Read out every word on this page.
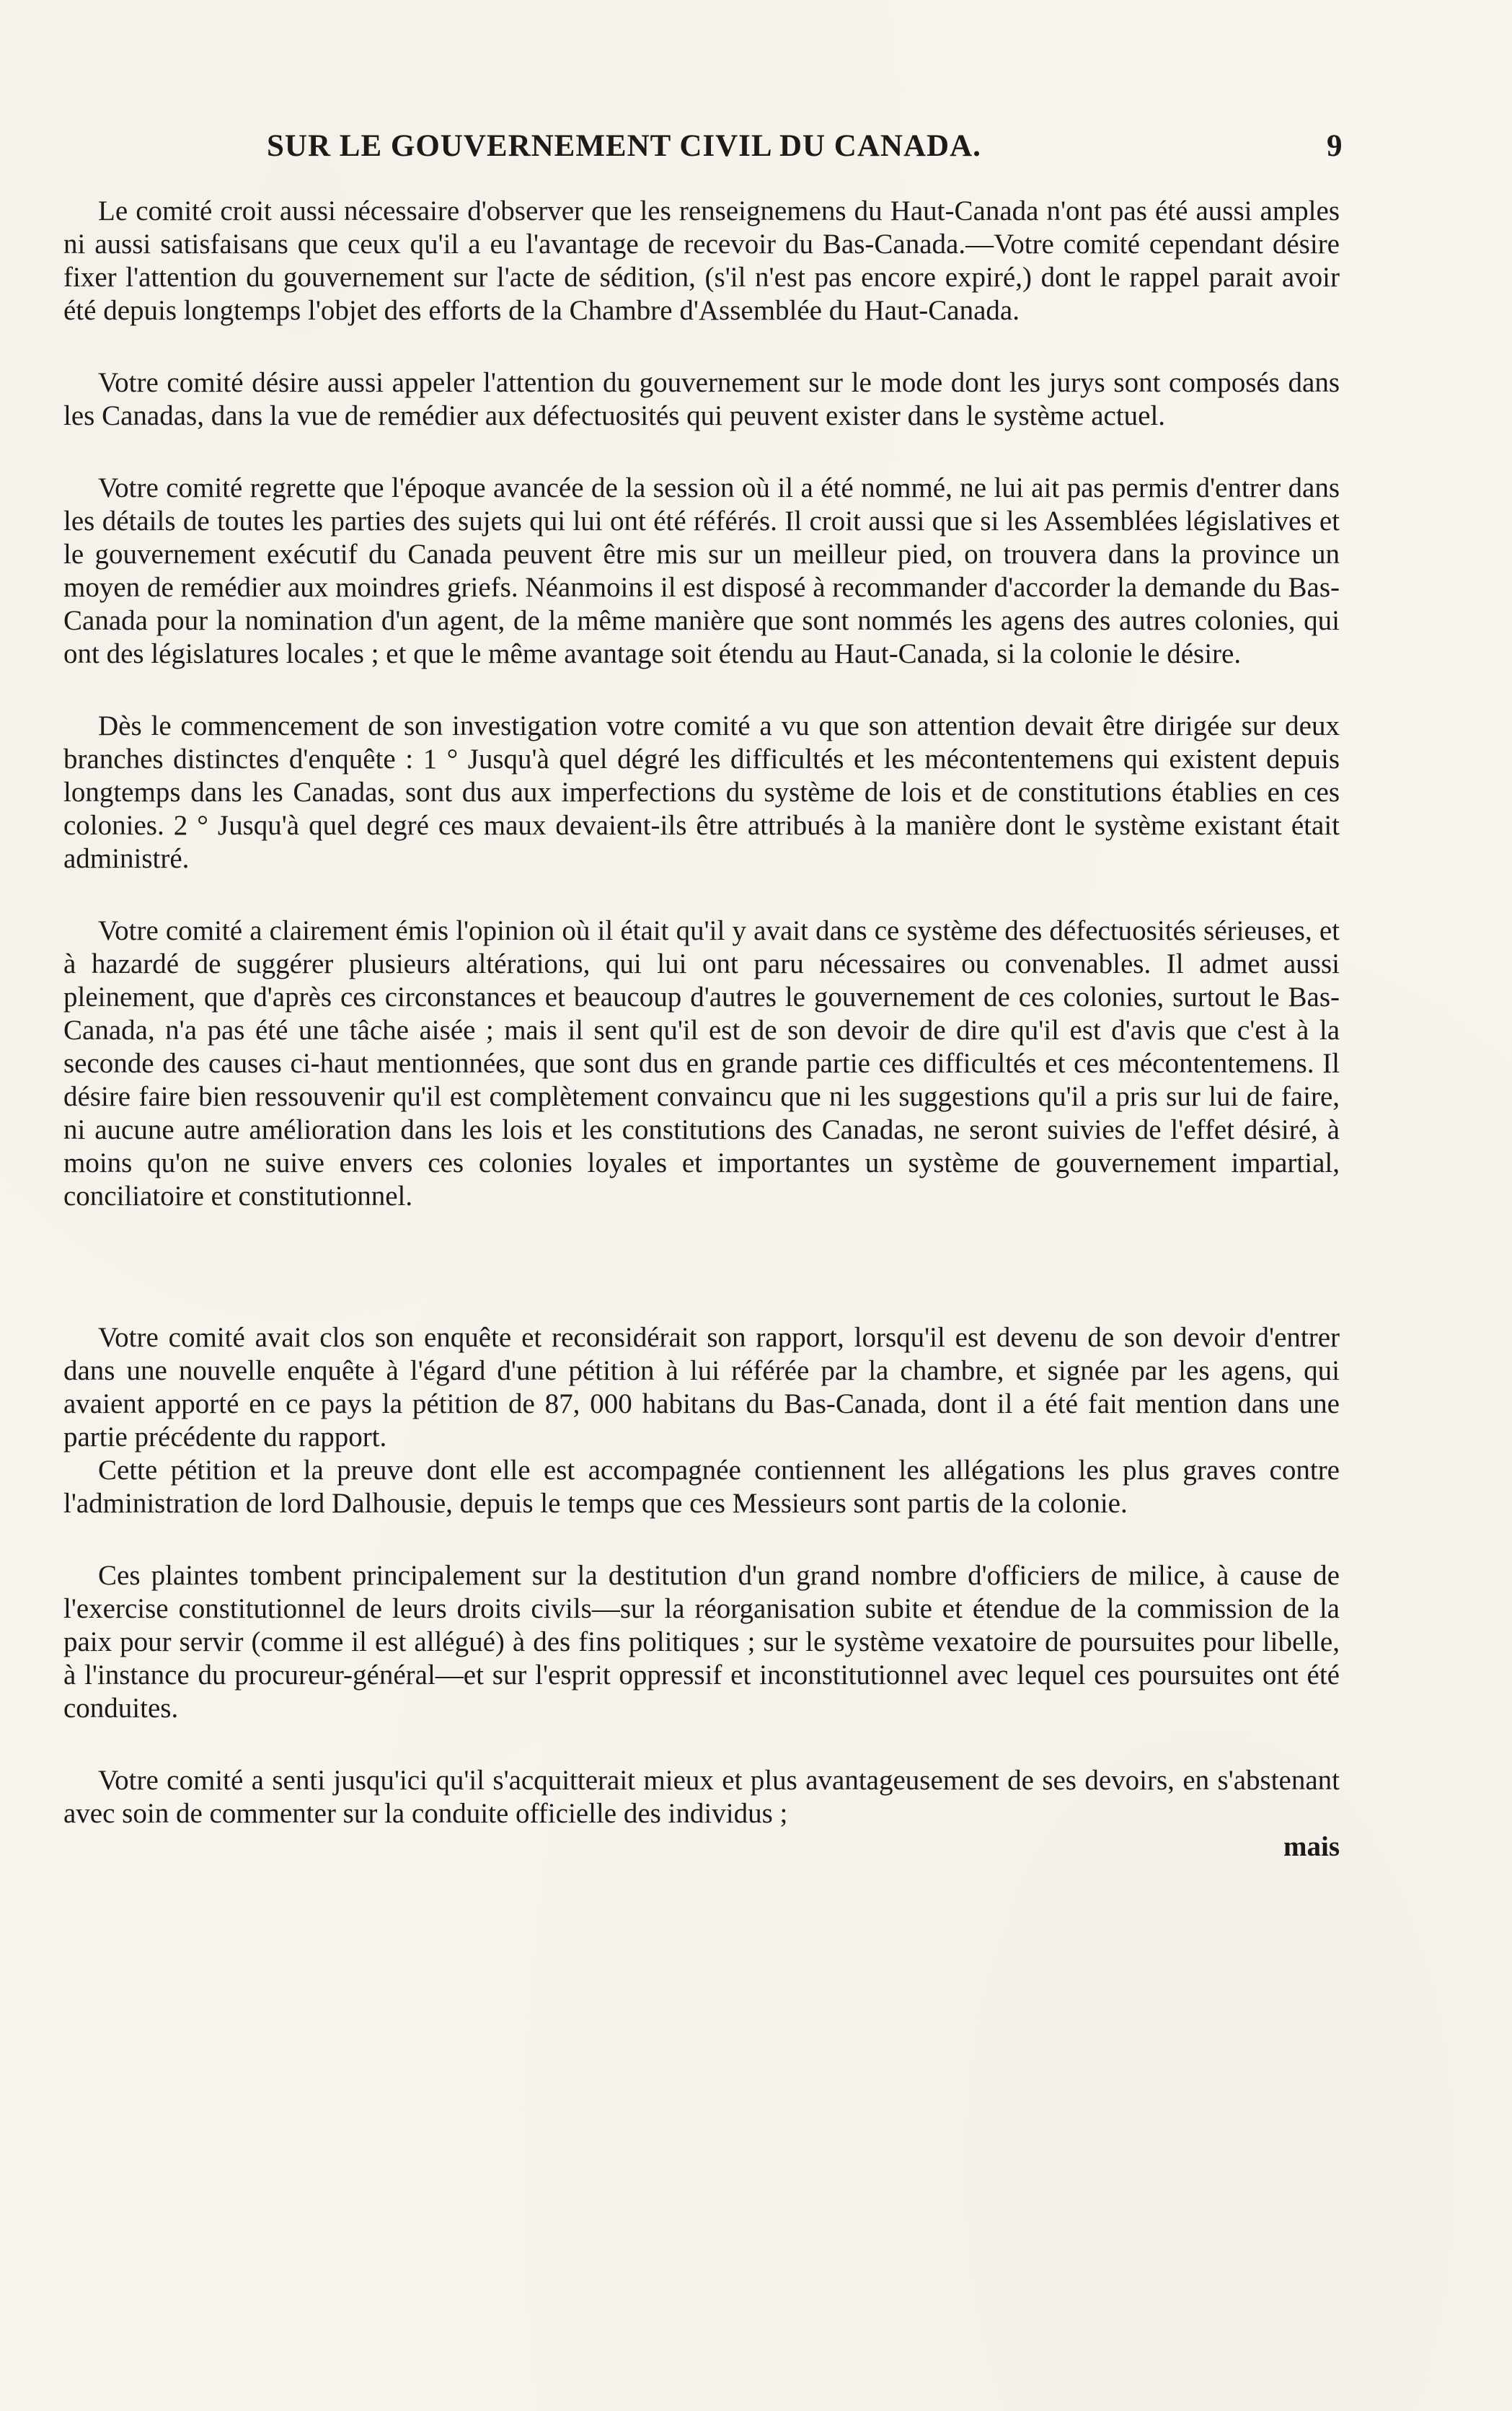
SUR LE GOUVERNEMENT CIVIL DU CANADA.	9

Le comité croit aussi nécessaire d'observer que les renseignemens du Haut-Canada n'ont pas été aussi amples ni aussi satisfaisans que ceux qu'il a eu l'avantage de recevoir du Bas-Canada.—Votre comité cependant désire fixer l'attention du gouvernement sur l'acte de sédition, (s'il n'est pas encore expiré,) dont le rappel parait avoir été depuis longtemps l'objet des efforts de la Chambre d'Assemblée du Haut-Canada.

Votre comité désire aussi appeler l'attention du gouvernement sur le mode dont les jurys sont composés dans les Canadas, dans la vue de remédier aux défectuosités qui peuvent exister dans le système actuel.

Votre comité regrette que l'époque avancée de la session où il a été nommé, ne lui ait pas permis d'entrer dans les détails de toutes les parties des sujets qui lui ont été référés. Il croit aussi que si les Assemblées législatives et le gouvernement exécutif du Canada peuvent être mis sur un meilleur pied, on trouvera dans la province un moyen de remédier aux moindres griefs. Néanmoins il est disposé à recommander d'accorder la demande du Bas-Canada pour la nomination d'un agent, de la même manière que sont nommés les agens des autres colonies, qui ont des législatures locales ; et que le même avantage soit étendu au Haut-Canada, si la colonie le désire.

Dès le commencement de son investigation votre comité a vu que son attention devait être dirigée sur deux branches distinctes d'enquête : 1 ° Jusqu'à quel dégré les difficultés et les mécontentemens qui existent depuis longtemps dans les Canadas, sont dus aux imperfections du système de lois et de constitutions établies en ces colonies. 2 ° Jusqu'à quel degré ces maux devaient-ils être attribués à la manière dont le système existant était administré.

Votre comité a clairement émis l'opinion où il était qu'il y avait dans ce système des défectuosités sérieuses, et à hazardé de suggérer plusieurs altérations, qui lui ont paru nécessaires ou convenables. Il admet aussi pleinement, que d'après ces circonstances et beaucoup d'autres le gouvernement de ces colonies, surtout le Bas-Canada, n'a pas été une tâche aisée ; mais il sent qu'il est de son devoir de dire qu'il est d'avis que c'est à la seconde des causes ci-haut mentionnées, que sont dus en grande partie ces difficultés et ces mécontentemens. Il désire faire bien ressouvenir qu'il est complètement convaincu que ni les suggestions qu'il a pris sur lui de faire, ni aucune autre amélioration dans les lois et les constitutions des Canadas, ne seront suivies de l'effet désiré, à moins qu'on ne suive envers ces colonies loyales et importantes un système de gouvernement impartial, conciliatoire et constitutionnel.

Votre comité avait clos son enquête et reconsidérait son rapport, lorsqu'il est devenu de son devoir d'entrer dans une nouvelle enquête à l'égard d'une pétition à lui référée par la chambre, et signée par les agens, qui avaient apporté en ce pays la pétition de 87, 000 habitans du Bas-Canada, dont il a été fait mention dans une partie précédente du rapport.

Cette pétition et la preuve dont elle est accompagnée contiennent les allégations les plus graves contre l'administration de lord Dalhousie, depuis le temps que ces Messieurs sont partis de la colonie.

Ces plaintes tombent principalement sur la destitution d'un grand nombre d'officiers de milice, à cause de l'exercise constitutionnel de leurs droits civils—sur la réorganisation subite et étendue de la commission de la paix pour servir (comme il est allégué) à des fins politiques ; sur le système vexatoire de poursuites pour libelle, à l'instance du procureur-général—et sur l'esprit oppressif et inconstitutionnel avec lequel ces poursuites ont été conduites.

Votre comité a senti jusqu'ici qu'il s'acquitterait mieux et plus avantageusement de ses devoirs, en s'abstenant avec soin de commenter sur la conduite officielle des individus ;

mais
